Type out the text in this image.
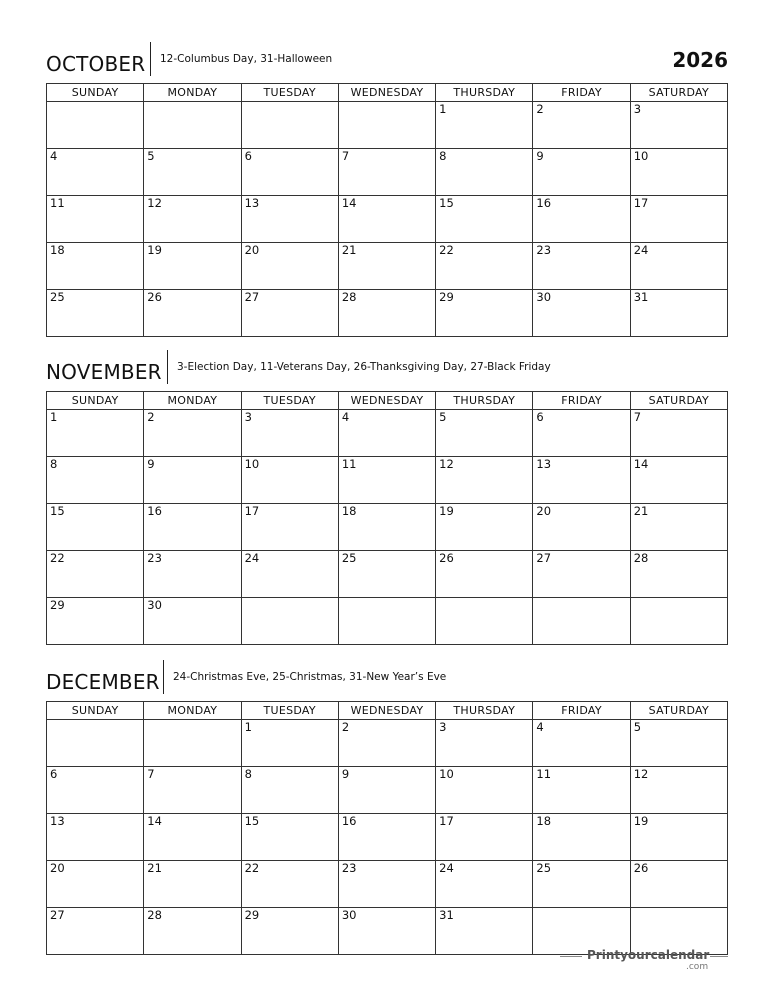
OCTOBER 12-Columbus Day, 31-Halloween	2026
SUNDAY	MONDAY	TUESDAY	WEDNESDAY	THURSDAY	FRIDAY	SATURDAY

				1	2	3

4	5	6	7	8	9	10

11	12	13	14	15	16	17

18	19	20	21	22	23	24

25	26	27	28	29	30	31
NOVEMBER 3-Election Day, 11-Veterans Day, 26-Thanksgiving Day, 27-Black Friday
SUNDAY	MONDAY	TUESDAY	WEDNESDAY	THURSDAY	FRIDAY	SATURDAY

1	2	3	4	5	6	7

8	9	10	11	12	13	14

15	16	17	18	19	20	21

22	23	24	25	26	27	28

29	30					

DECEMBER 24-Christmas Eve, 25-Christmas, 31-New Year’s Eve
SUNDAY	MONDAY	TUESDAY	WEDNESDAY	THURSDAY	FRIDAY	SATURDAY

		1	2	3	4	5

6	7	8	9	10	11	12

13	14	15	16	17	18	19

20	21	22	23	24	25	26

27	28	29	30	31		

Printyourcalendar
.com
